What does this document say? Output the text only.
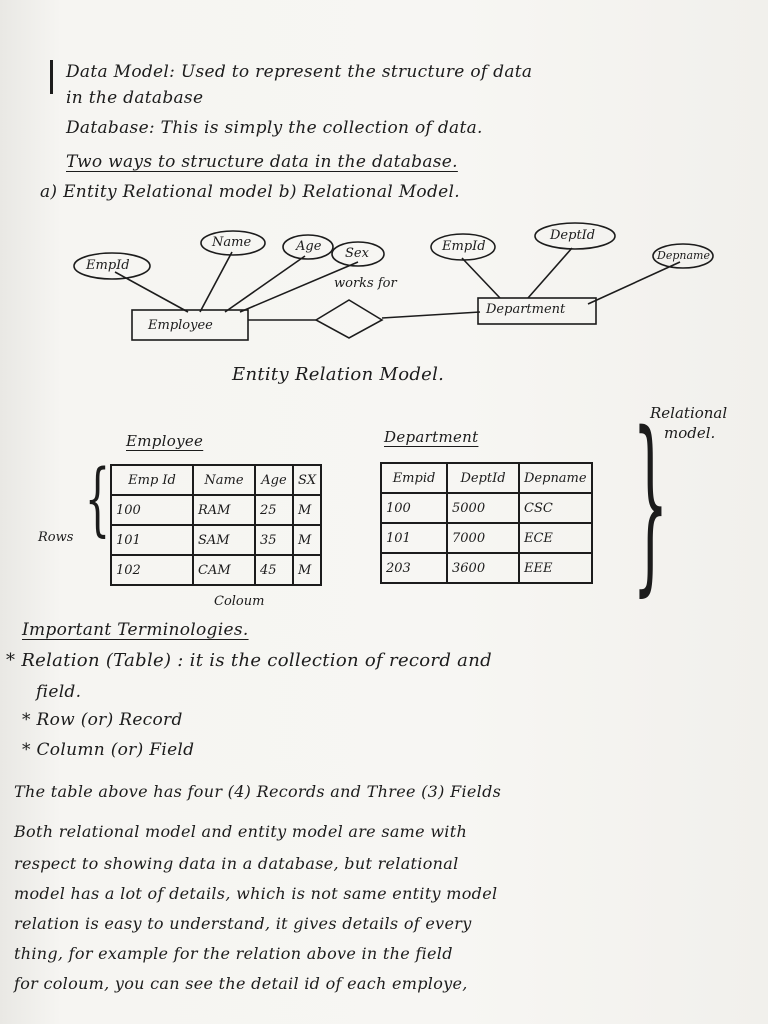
Data Model: Used to represent the structure of data
in the database
Database: This is simply the collection of data.
Two ways to structure data in the database.
a) Entity Relational model b) Relational Model.
EmpId
Name	Age Sex
works for
Employee
Department
EmpId
DeptId
Depname
Entity Relation Model.
Employee	Department
Emp Id	Name	Age	SX
100	RAM	25	M
101	SAM	35	M
102	CAM	45	M
Empid	DeptId	Depname
100	5000	CSC
101	7000	ECE
203	3600	EEE
{
Rows
Coloum }
Relational
model.
Important Terminologies.
* Relation (Table) : it is the collection of record and
field.
* Row (or) Record
* Column (or) Field
The table above has four (4) Records and Three (3) Fields
Both relational model and entity model are same with
respect to showing data in a database, but relational
model has a lot of details, which is not same entity model
relation is easy to understand, it gives details of every
thing, for example for the relation above in the field
for coloum, you can see the detail id of each employe,
